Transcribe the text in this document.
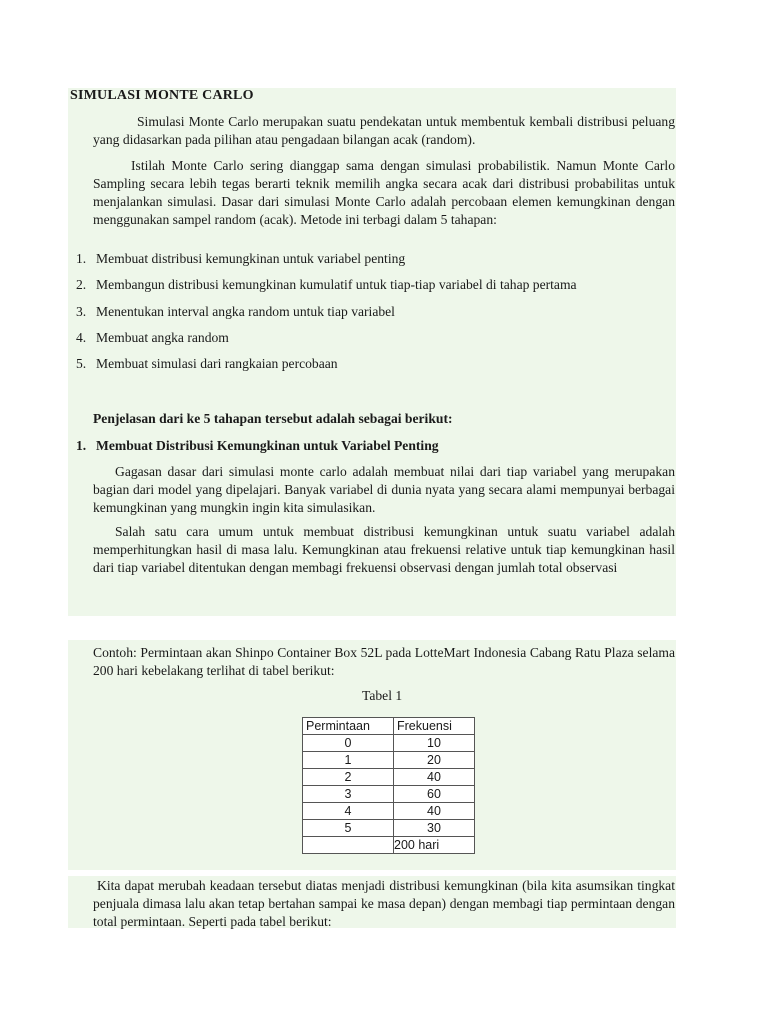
SIMULASI MONTE CARLO
Simulasi Monte Carlo merupakan suatu pendekatan untuk membentuk kembali distribusi peluang yang didasarkan pada pilihan atau pengadaan bilangan acak (random).
Istilah Monte Carlo sering dianggap sama dengan simulasi probabilistik. Namun Monte Carlo Sampling secara lebih tegas berarti teknik memilih angka secara acak dari distribusi probabilitas untuk menjalankan simulasi. Dasar dari simulasi Monte Carlo adalah percobaan elemen kemungkinan dengan menggunakan sampel random (acak). Metode ini terbagi dalam 5 tahapan:
1. Membuat distribusi kemungkinan untuk variabel penting
2. Membangun distribusi kemungkinan kumulatif untuk tiap-tiap variabel di tahap pertama
3. Menentukan interval angka random untuk tiap variabel
4. Membuat angka random
5. Membuat simulasi dari rangkaian percobaan
Penjelasan dari ke 5 tahapan tersebut adalah sebagai berikut:
1. Membuat Distribusi Kemungkinan untuk Variabel Penting
Gagasan dasar dari simulasi monte carlo adalah membuat nilai dari tiap variabel yang merupakan bagian dari model yang dipelajari. Banyak variabel di dunia nyata yang secara alami mempunyai berbagai kemungkinan yang mungkin ingin kita simulasikan.
Salah satu cara umum untuk membuat distribusi kemungkinan untuk suatu variabel adalah memperhitungkan hasil di masa lalu. Kemungkinan atau frekuensi relative untuk tiap kemungkinan hasil dari tiap variabel ditentukan dengan membagi frekuensi observasi dengan jumlah total observasi
Contoh: Permintaan akan Shinpo Container Box 52L pada LotteMart Indonesia Cabang Ratu Plaza selama 200 hari kebelakang terlihat di tabel berikut:
Tabel 1
Permintaan	Frekuensi
0	10
1	20
2	40
3	60
4	40
5	30
	200 hari
Kita dapat merubah keadaan tersebut diatas menjadi distribusi kemungkinan (bila kita asumsikan tingkat penjuala dimasa lalu akan tetap bertahan sampai ke masa depan) dengan membagi tiap permintaan dengan total permintaan. Seperti pada tabel berikut:
